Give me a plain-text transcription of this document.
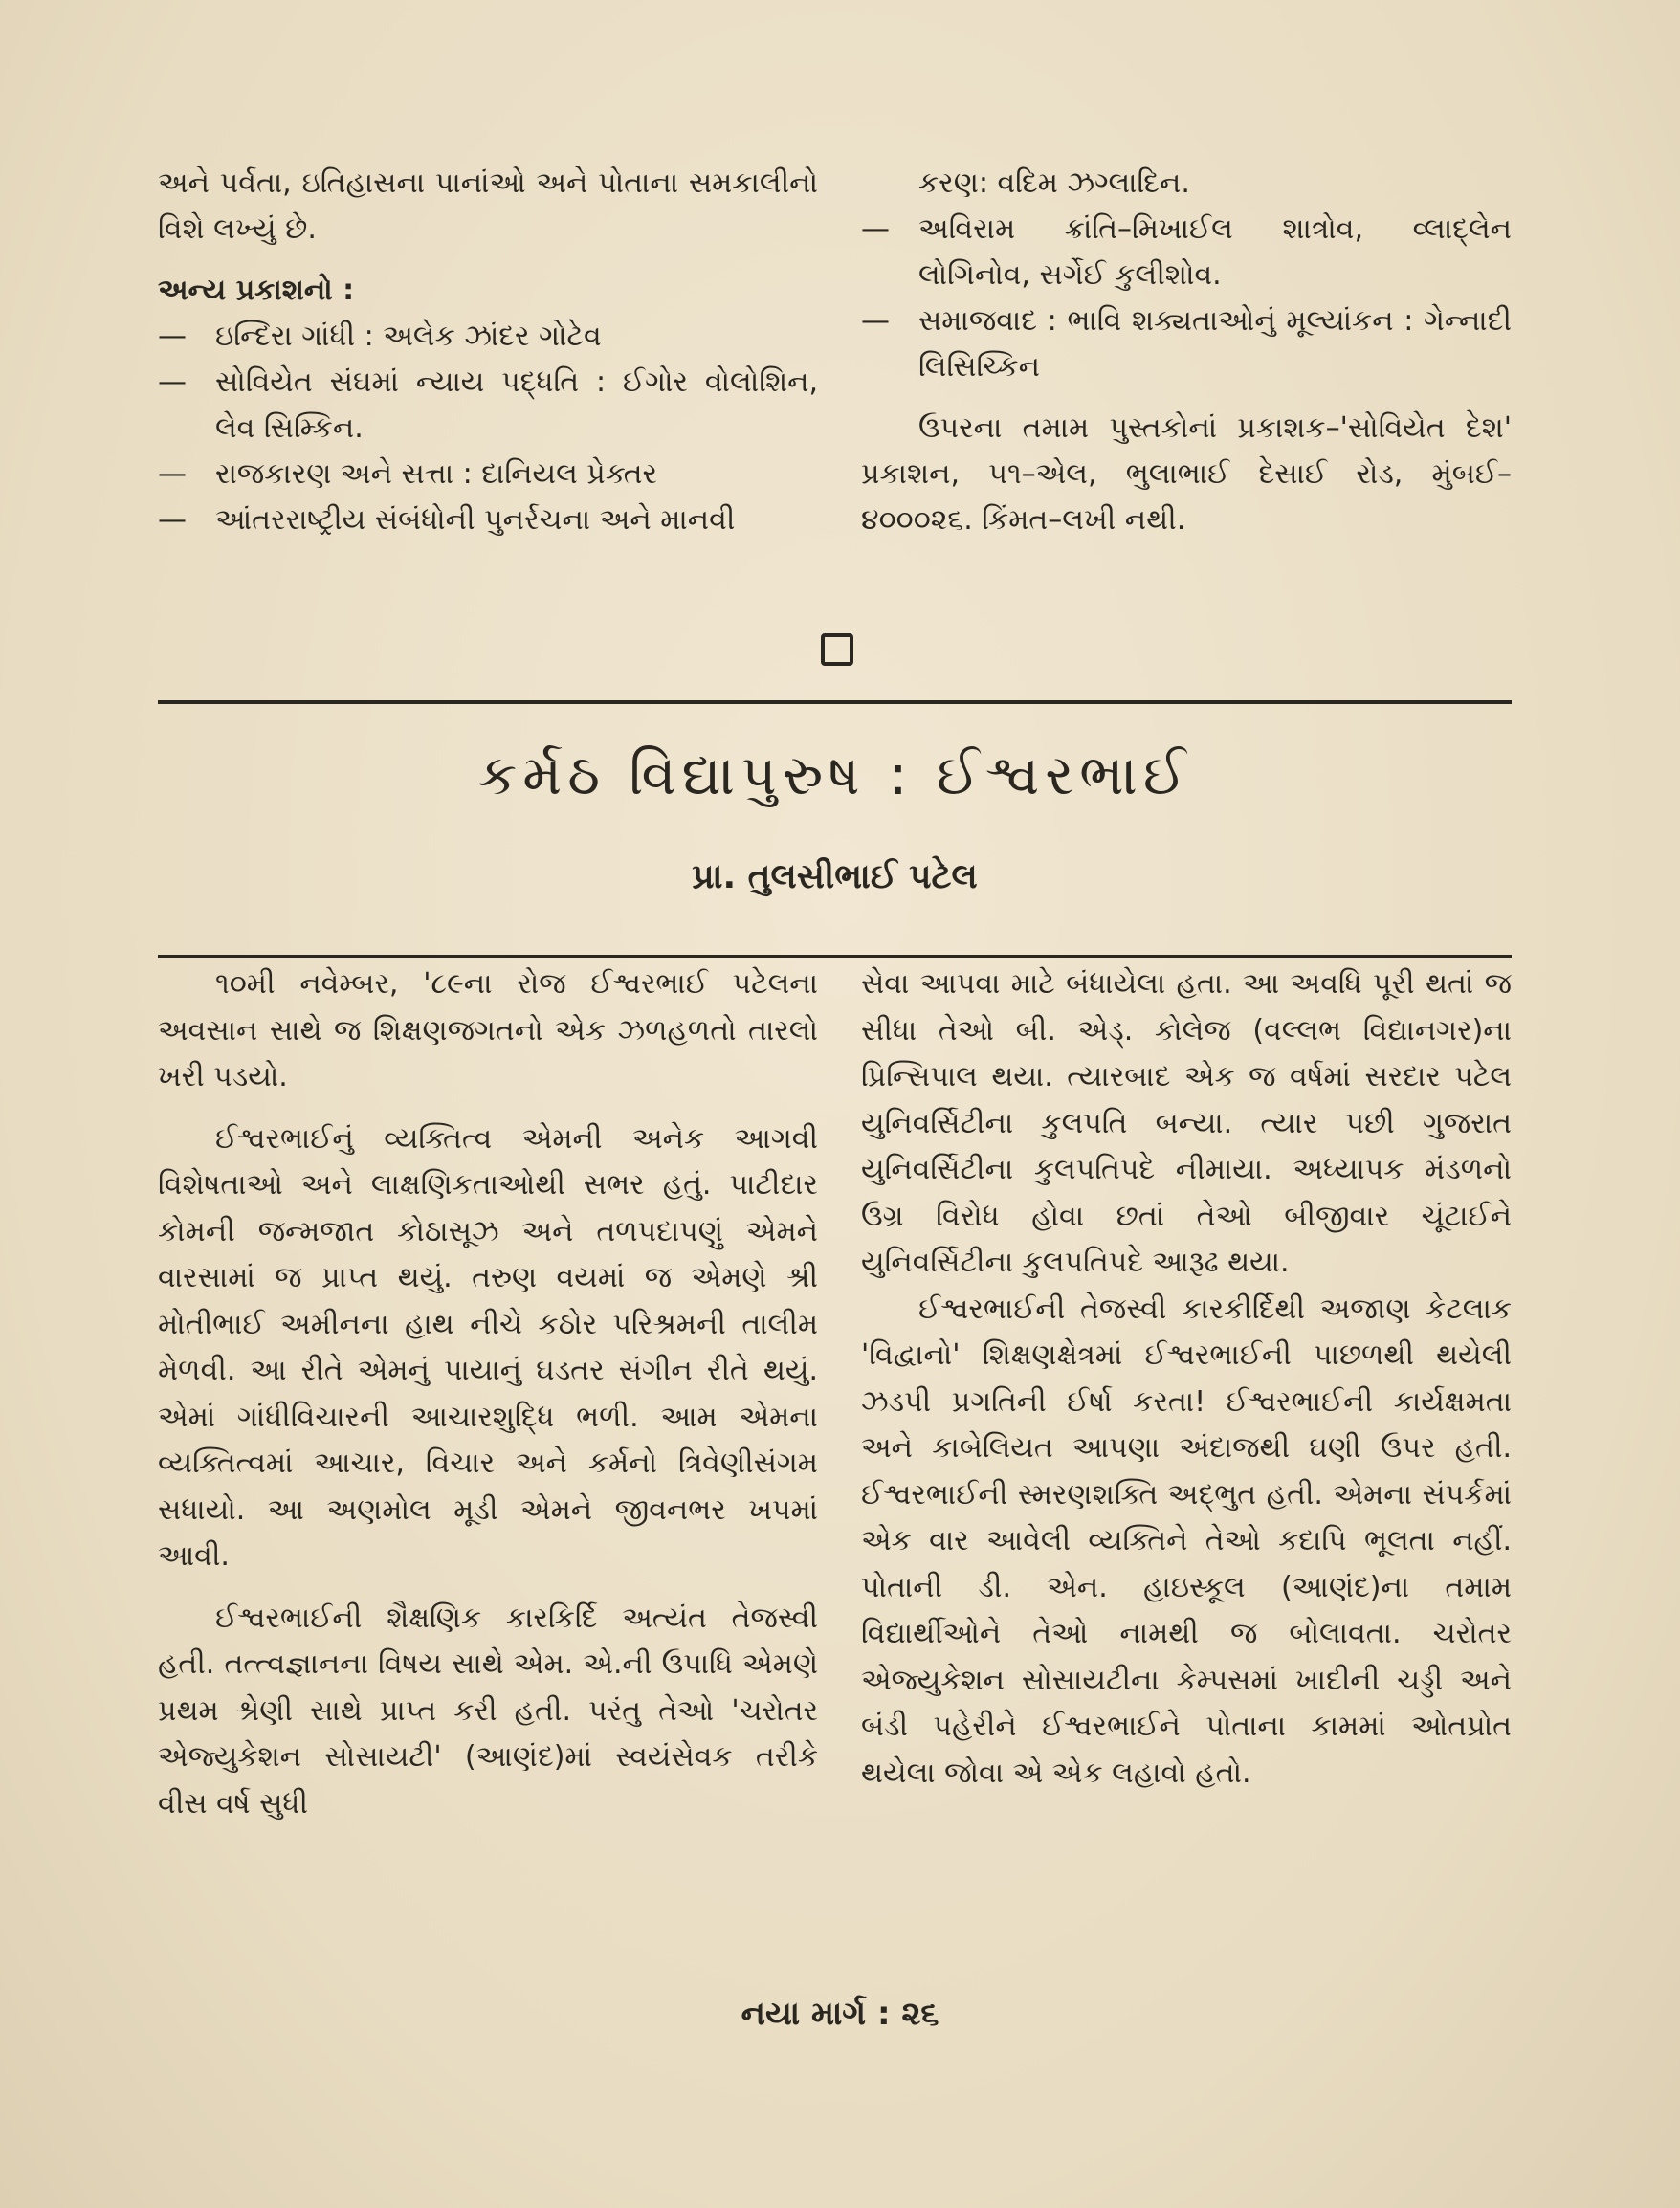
અને પર્વતા, ઇતિહાસના પાનાંઓ અને પોતાના સમકાલીનો વિશે લખ્યું છે.

અન્ય પ્રકાશનો :

— ઇન્દિરા ગાંધી : અલેક ઝાંદર ગોટેવ

— સોવિયેત સંઘમાં ન્યાય પદ્ધતિ : ઈગોર વોલોશિન, લેવ સિમ્કિન.

— રાજકારણ અને સત્તા : દાનિયલ પ્રેક્તર

— આંતરરાષ્ટ્રીય સંબંધોની પુનર્રચના અને માનવી

કરણ: વદિમ ઝગ્લાદિન.

— અવિરામ ક્રાંતિ–મિખાઈલ શાત્રોવ, વ્લાદ્લેન લોગિનોવ, સર્ગેઈ કુલીશોવ.

— સમાજવાદ : ભાવિ શક્યતાઓનું મૂલ્યાંકન : ગેન્નાદી લિસિચ્કિન

ઉપરના તમામ પુસ્તકોનાં પ્રકાશક–'સોવિયેત દેશ' પ્રકાશન, ૫૧–એલ, ભુલાભાઈ દેસાઈ રોડ, મુંબઈ–૪૦૦૦૨૬. કિંમત–લખી નથી.

કર્મઠ વિદ્યાપુરુષ : ઈશ્વરભાઈ
પ્રા. તુલસીભાઈ પટેલ

૧૦મી નવેમ્બર, '૮૯ના રોજ ઈશ્વરભાઈ પટેલના અવસાન સાથે જ શિક્ષણજગતનો એક ઝળહળતો તારલો ખરી પડયો.

ઈશ્વરભાઈનું વ્યક્તિત્વ એમની અનેક આગવી વિશેષતાઓ અને લાક્ષણિકતાઓથી સભર હતું. પાટીદાર કોમની જન્મજાત કોઠાસૂઝ અને તળપદાપણું એમને વારસામાં જ પ્રાપ્ત થયું. તરુણ વયમાં જ એમણે શ્રી મોતીભાઈ અમીનના હાથ નીચે કઠોર પરિશ્રમની તાલીમ મેળવી. આ રીતે એમનું પાયાનું ઘડતર સંગીન રીતે થયું. એમાં ગાંધીવિચારની આચારશુદ્ધિ ભળી. આમ એમના વ્યક્તિત્વમાં આચાર, વિચાર અને કર્મનો ત્રિવેણીસંગમ સધાયો. આ અણમોલ મૂડી એમને જીવનભર ખપમાં આવી.

ઈશ્વરભાઈની શૈક્ષણિક કારકિર્દિ અત્યંત તેજસ્વી હતી. તત્ત્વજ્ઞાનના વિષય સાથે એમ. એ.ની ઉપાધિ એમણે પ્રથમ શ્રેણી સાથે પ્રાપ્ત કરી હતી. પરંતુ તેઓ 'ચરોતર એજ્યુકેશન સોસાયટી' (આણંદ)માં સ્વયંસેવક તરીકે વીસ વર્ષ સુધી

સેવા આપવા માટે બંધાયેલા હતા. આ અવધિ પૂરી થતાં જ સીધા તેઓ બી. એડ્. કોલેજ (વલ્લભ વિદ્યાનગર)ના પ્રિન્સિપાલ થયા. ત્યારબાદ એક જ વર્ષમાં સરદાર પટેલ યુનિવર્સિટીના કુલપતિ બન્યા. ત્યાર પછી ગુજરાત યુનિવર્સિટીના કુલપતિપદે નીમાયા. અધ્યાપક મંડળનો ઉગ્ર વિરોધ હોવા છતાં તેઓ બીજીવાર ચૂંટાઈને યુનિવર્સિટીના કુલપતિપદે આરૂઢ થયા.

ઈશ્વરભાઈની તેજસ્વી કારકીર્દિથી અજાણ કેટલાક 'વિદ્વાનો' શિક્ષણક્ષેત્રમાં ઈશ્વરભાઈની પાછળથી થયેલી ઝડપી પ્રગતિની ઈર્ષા કરતા! ઈશ્વરભાઈની કાર્યક્ષમતા અને કાબેલિયત આપણા અંદાજથી ઘણી ઉપર હતી. ઈશ્વરભાઈની સ્મરણશક્તિ અદ્ભુત હતી. એમના સંપર્કમાં એક વાર આવેલી વ્યક્તિને તેઓ કદાપિ ભૂલતા નહીં. પોતાની ડી. એન. હાઇસ્કૂલ (આણંદ)ના તમામ વિદ્યાર્થીઓને તેઓ નામથી જ બોલાવતા. ચરોતર એજ્યુકેશન સોસાયટીના કેમ્પસમાં ખાદીની ચડ્ડી અને બંડી પહેરીને ઈશ્વરભાઈને પોતાના કામમાં ઓતપ્રોત થયેલા જોવા એ એક લહાવો હતો.

નયા માર્ગ : ૨૬
